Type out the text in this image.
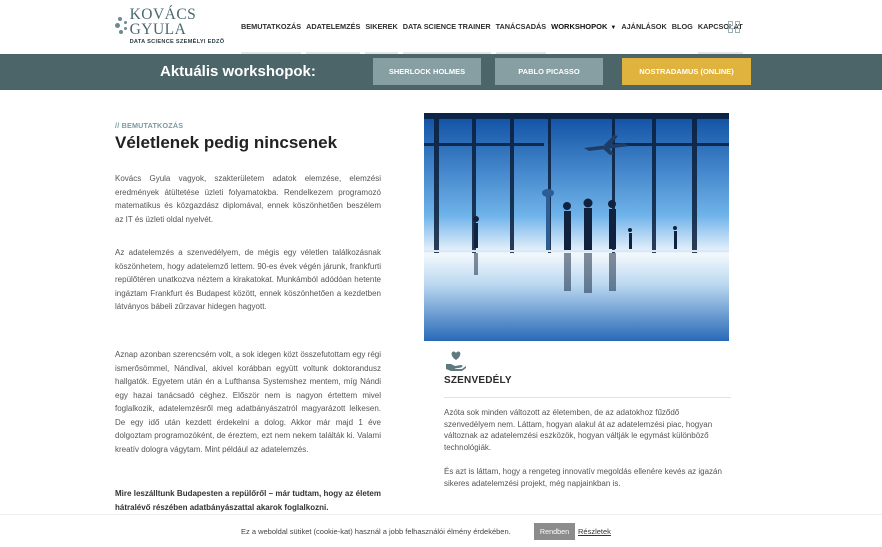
KOVÁCS GYULA
DATA SCIENCE SZEMÉLYI EDZŐ
BEMUTATKOZÁS ADATELEMZÉS SIKEREK DATA SCIENCE TRAINER TANÁCSADÁS WORKSHOPOK ▼ AJÁNLÁSOK BLOG KAPCSOLAT
Aktuális workshopok:	SHERLOCK HOLMES	PABLO PICASSO	NOSTRADAMUS (ONLINE)
// BEMUTATKOZÁS
Véletlenek pedig nincsenek

Kovács Gyula vagyok, szakterületem adatok elemzése, elemzési eredmények átültetése üzleti folyamatokba. Rendelkezem programozó matematikus és közgazdász diplomával, ennek köszönhetően beszélem az IT és üzleti oldal nyelvét.

Az adatelemzés a szenvedélyem, de mégis egy véletlen találkozásnak köszönhetem, hogy adatelemző lettem. 90-es évek végén járunk, frankfurti repülőtéren unatkozva néztem a kirakatokat. Munkámból adódóan hetente ingáztam Frankfurt és Budapest között, ennek köszönhetően a kezdetben látványos bábeli zűrzavar hidegen hagyott.

Aznap azonban szerencsém volt, a sok idegen közt összefutottam egy régi ismerősömmel, Nándival, akivel korábban együtt voltunk doktorandusz hallgatók. Egyetem után én a Lufthansa Systemshez mentem, míg Nándi egy hazai tanácsadó céghez. Először nem is nagyon értettem mivel foglalkozik, adatelemzésről meg adatbányászatról magyarázott lelkesen. De egy idő után kezdett érdekelni a dolog. Akkor már majd 1 éve dolgoztam programozóként, de éreztem, ezt nem nekem találták ki. Valami kreatív dologra vágytam. Mint például az adatelemzés.

Mire leszálltunk Budapesten a repülőről – már tudtam, hogy az életem hátralévő részében adatbányászattal akarok foglalkozni.

SZENVEDÉLY

Azóta sok minden változott az életemben, de az adatokhoz fűződő szenvedélyem nem. Láttam, hogyan alakul át az adatelemzési piac, hogyan változnak az adatelemzési eszközök, hogyan váltják le egymást különböző technológiák.

És azt is láttam, hogy a rengeteg innovatív megoldás ellenére kevés az igazán sikeres adatelemzési projekt, még napjainkban is.

Ez a weboldal sütiket (cookie-kat) használ a jobb felhasználói élmény érdekében.	Rendben	Részletek
